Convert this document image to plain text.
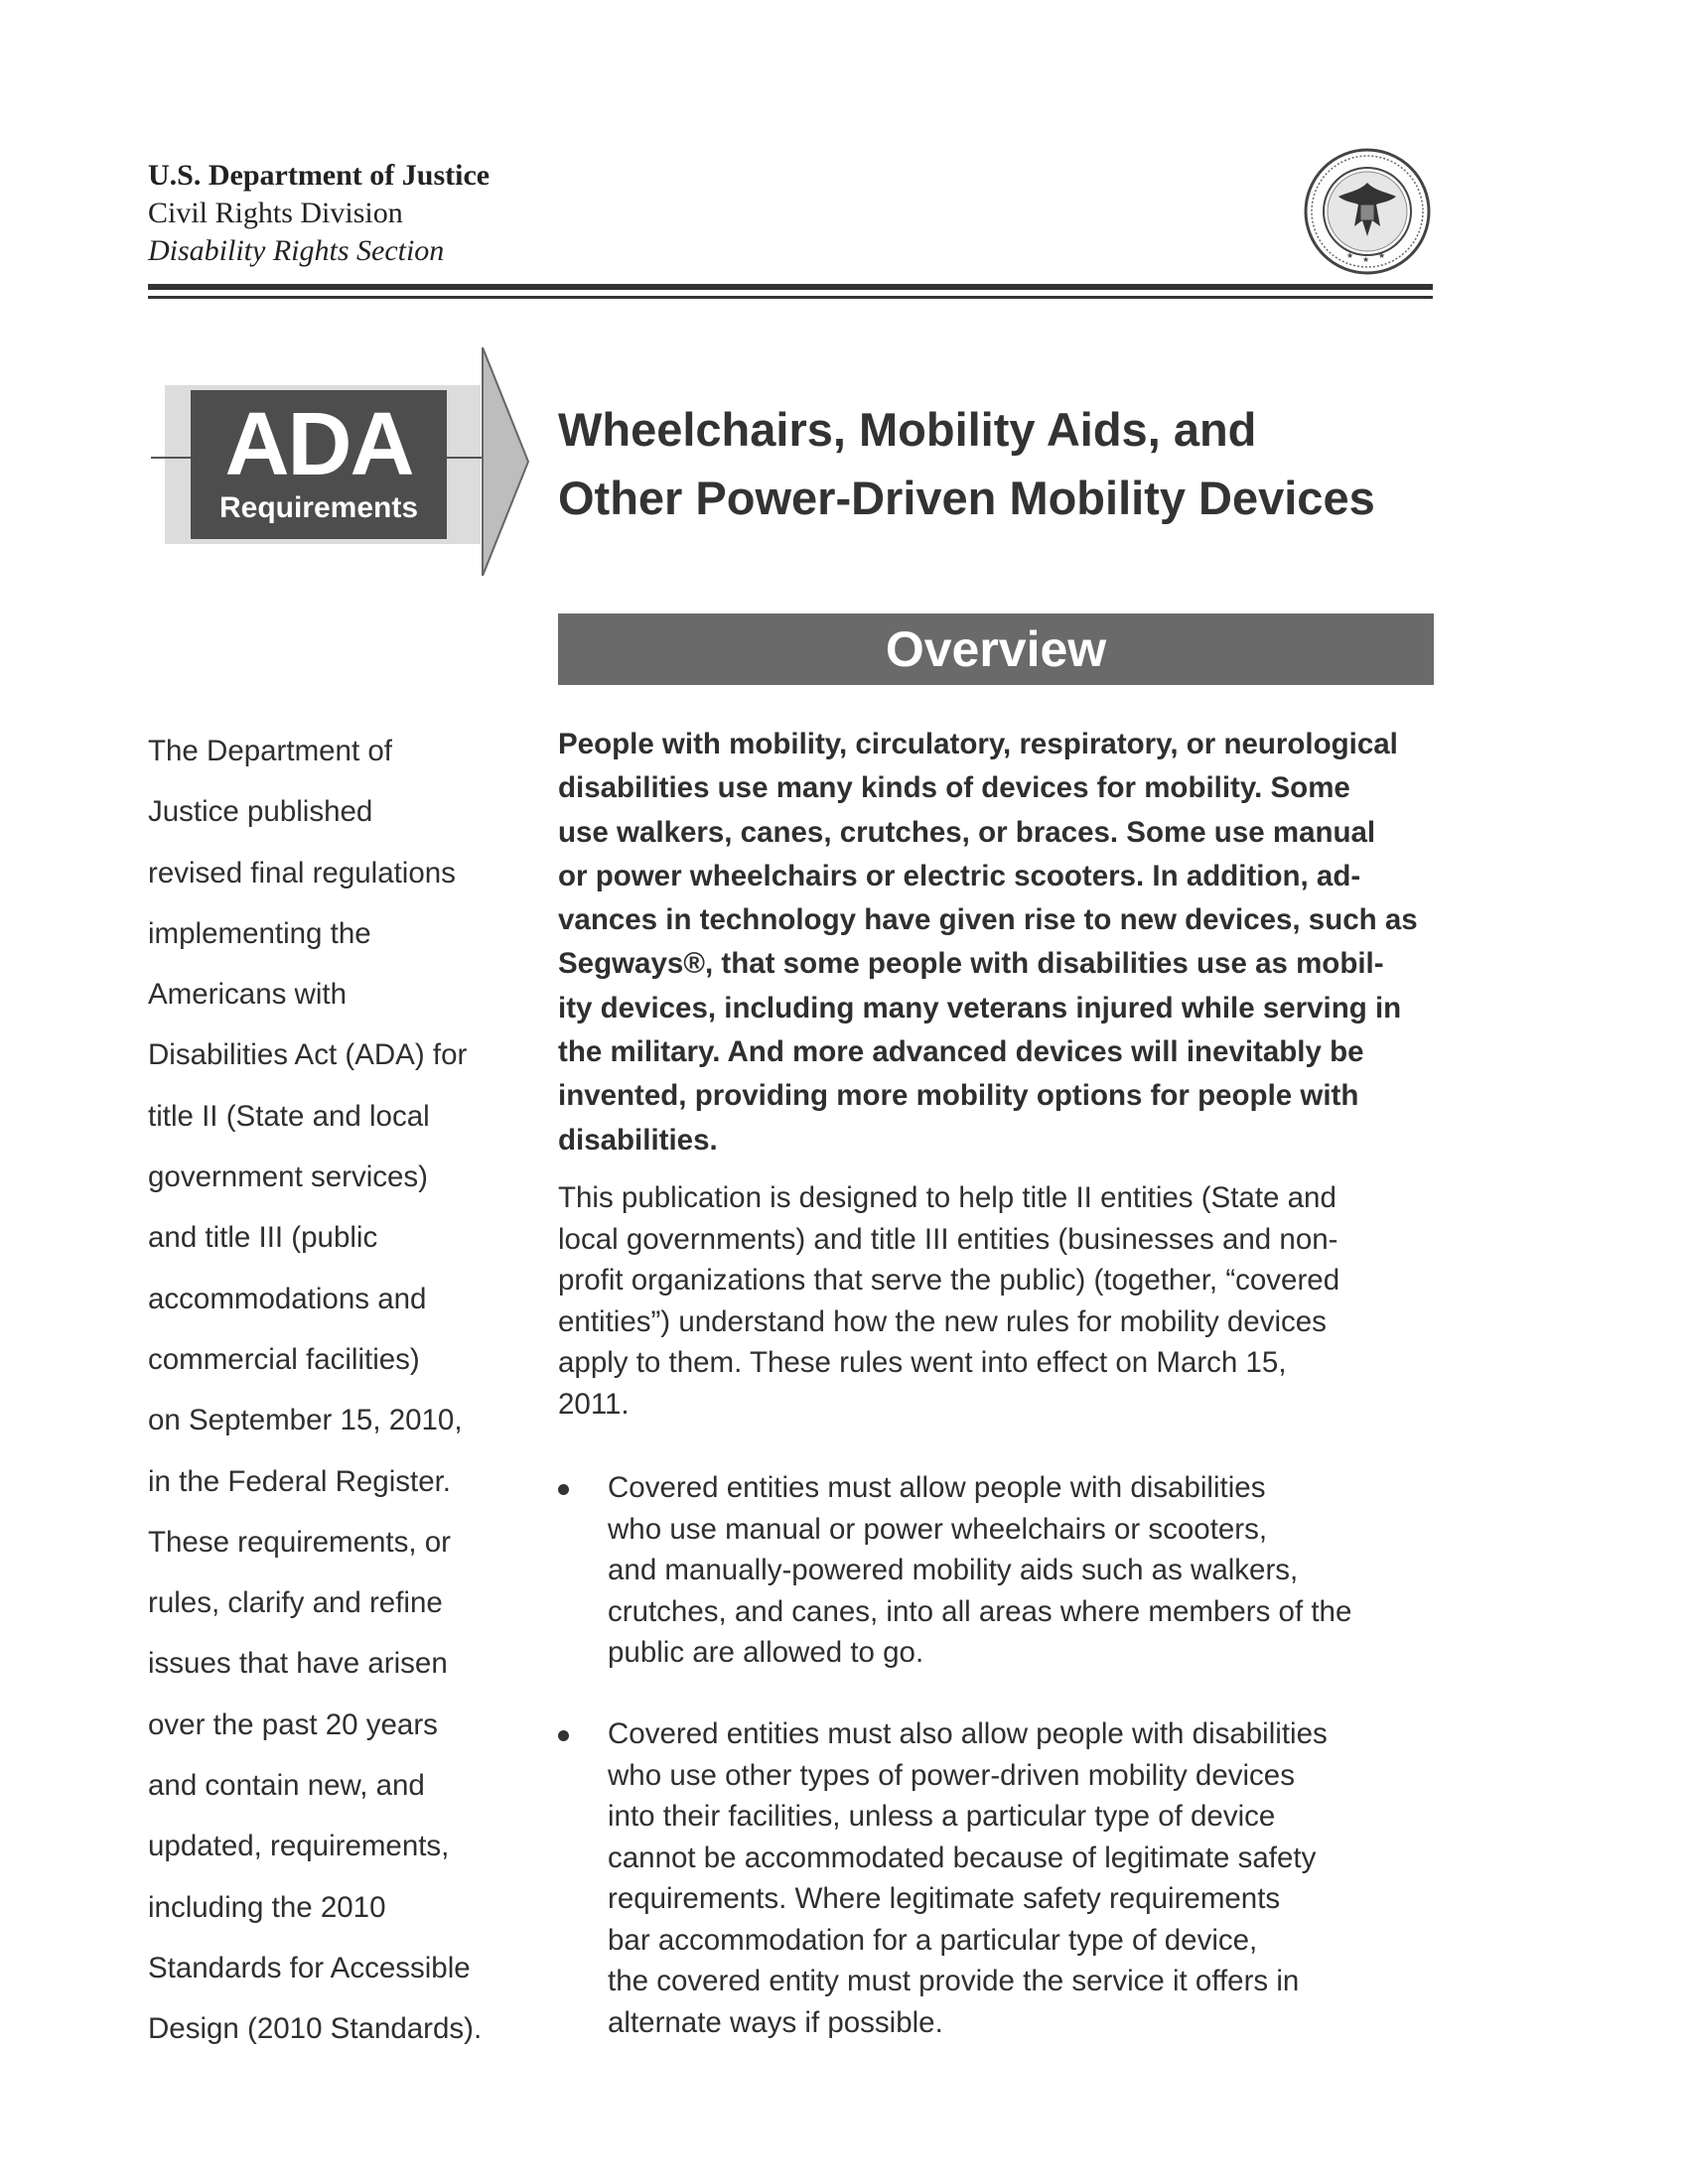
U.S. Department of Justice
Civil Rights Division
Disability Rights Section	★ ★ ★
ADA
Requirements
Wheelchairs, Mobility Aids, and
Other Power-Driven Mobility Devices
Overview
The Department of
Justice published
revised final regulations
implementing the
Americans with
Disabilities Act (ADA) for
title II (State and local
government services)
and title III (public
accommodations and
commercial facilities)
on September 15, 2010,
in the Federal Register.
These requirements, or
rules, clarify and refine
issues that have arisen
over the past 20 years
and contain new, and
updated, requirements,
including the 2010
Standards for Accessible
Design (2010 Standards).
People with mobility, circulatory, respiratory, or neurological
disabilities use many kinds of devices for mobility. Some
use walkers, canes, crutches, or braces. Some use manual
or power wheelchairs or electric scooters. In addition, ad-
vances in technology have given rise to new devices, such as
Segways®, that some people with disabilities use as mobil-
ity devices, including many veterans injured while serving in
the military. And more advanced devices will inevitably be
invented, providing more mobility options for people with
disabilities.
This publication is designed to help title II entities (State and
local governments) and title III entities (businesses and non-
profit organizations that serve the public) (together, “covered
entities”) understand how the new rules for mobility devices
apply to them. These rules went into effect on March 15,
2011.
Covered entities must allow people with disabilities
who use manual or power wheelchairs or scooters,
and manually-powered mobility aids such as walkers,
crutches, and canes, into all areas where members of the
public are allowed to go.
Covered entities must also allow people with disabilities
who use other types of power-driven mobility devices
into their facilities, unless a particular type of device
cannot be accommodated because of legitimate safety
requirements. Where legitimate safety requirements
bar accommodation for a particular type of device,
the covered entity must provide the service it offers in
alternate ways if possible.
